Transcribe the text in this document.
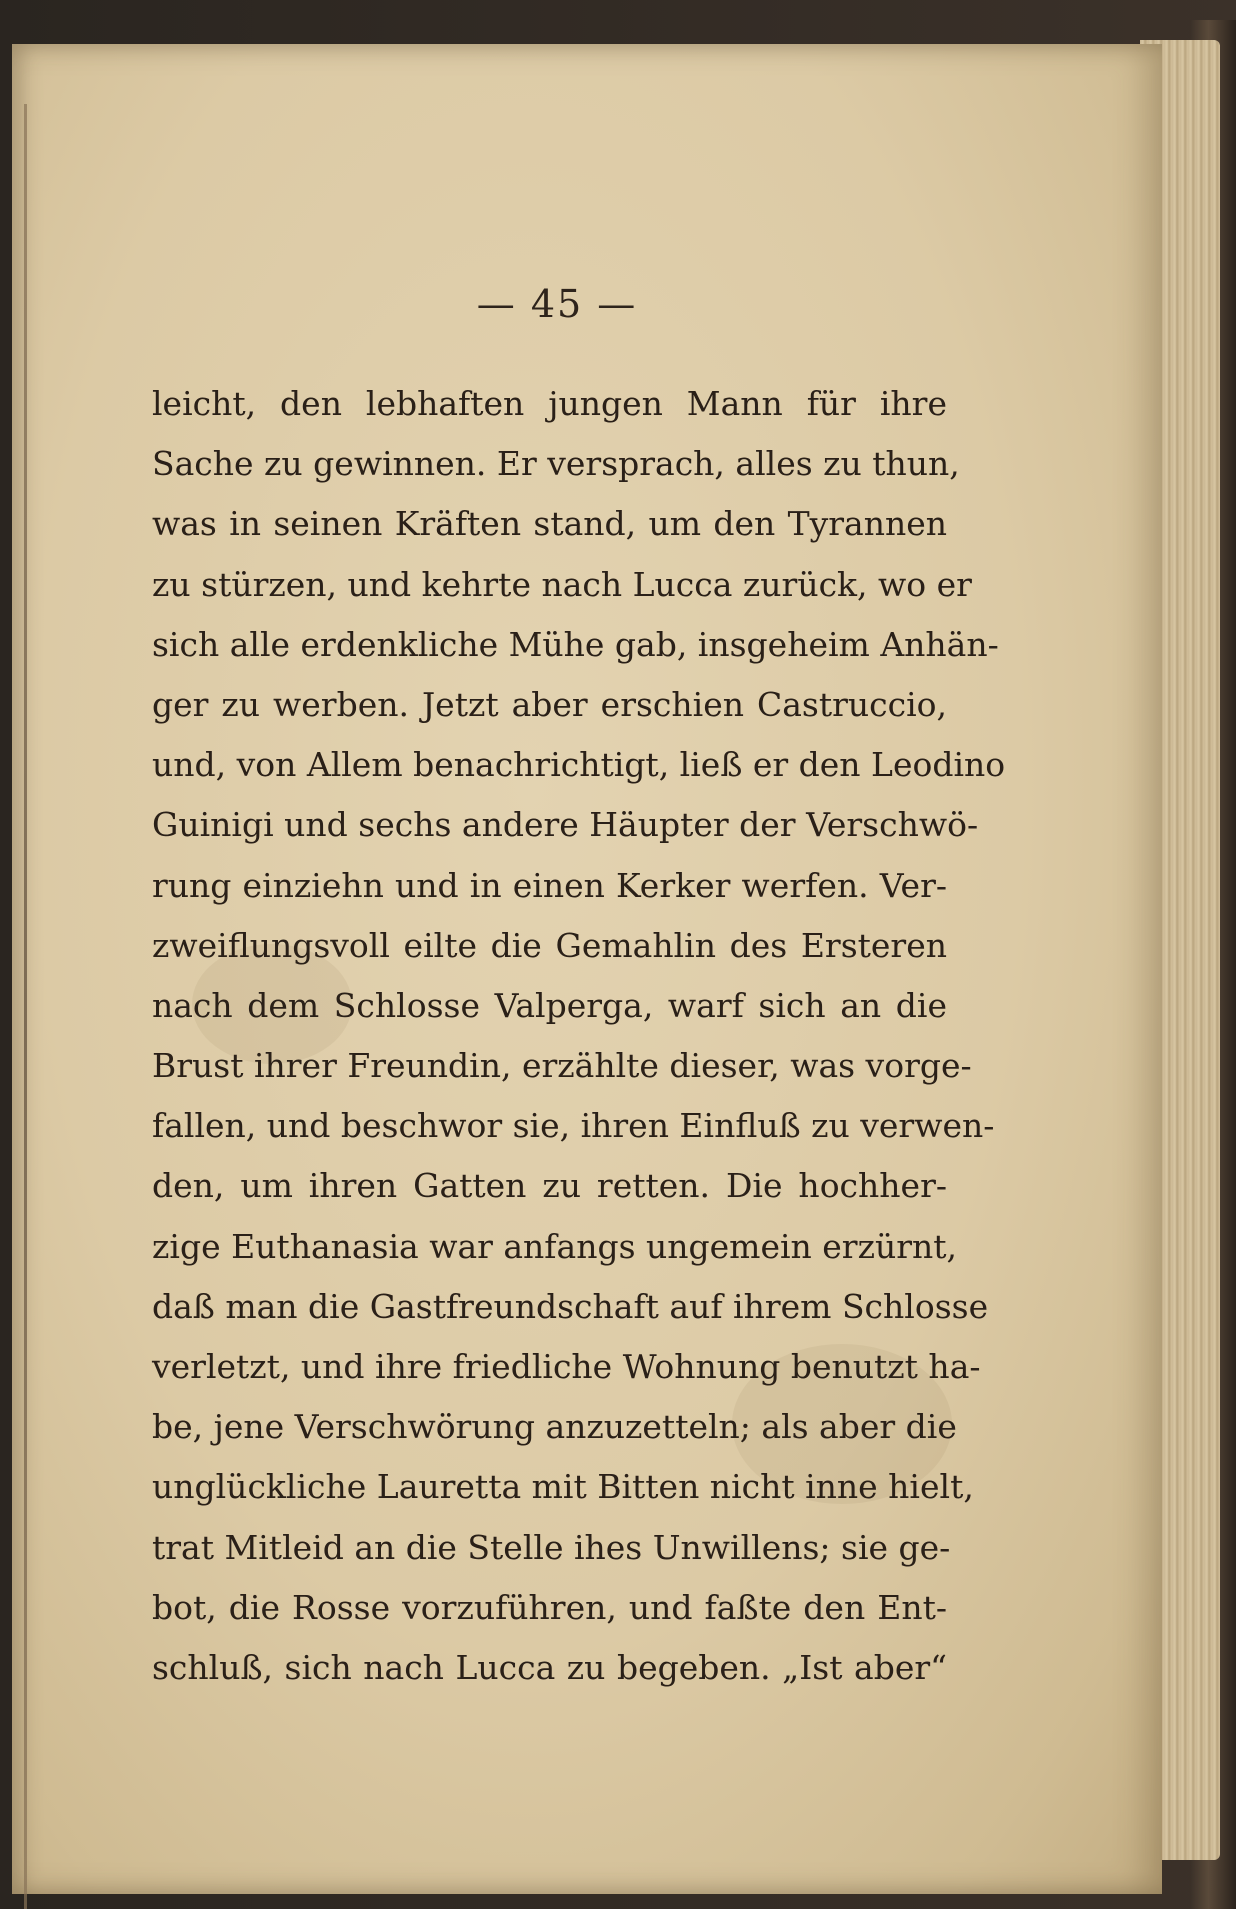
— 45 —
leicht, den lebhaften jungen Mann für ihre
Sache zu gewinnen. Er versprach, alles zu thun,
was in seinen Kräften stand, um den Tyrannen
zu stürzen, und kehrte nach Lucca zurück, wo er
sich alle erdenkliche Mühe gab, insgeheim Anhän-
ger zu werben. Jetzt aber erschien Castruccio,
und, von Allem benachrichtigt, ließ er den Leodino
Guinigi und sechs andere Häupter der Verschwö-
rung einziehn und in einen Kerker werfen. Ver-
zweiflungsvoll eilte die Gemahlin des Ersteren
nach dem Schlosse Valperga, warf sich an die
Brust ihrer Freundin, erzählte dieser, was vorge-
fallen, und beschwor sie, ihren Einfluß zu verwen-
den, um ihren Gatten zu retten. Die hochher-
zige Euthanasia war anfangs ungemein erzürnt,
daß man die Gastfreundschaft auf ihrem Schlosse
verletzt, und ihre friedliche Wohnung benutzt ha-
be, jene Verschwörung anzuzetteln; als aber die
unglückliche Lauretta mit Bitten nicht inne hielt,
trat Mitleid an die Stelle ihes Unwillens; sie ge-
bot, die Rosse vorzuführen, und faßte den Ent-
schluß, sich nach Lucca zu begeben. „Ist aber“
